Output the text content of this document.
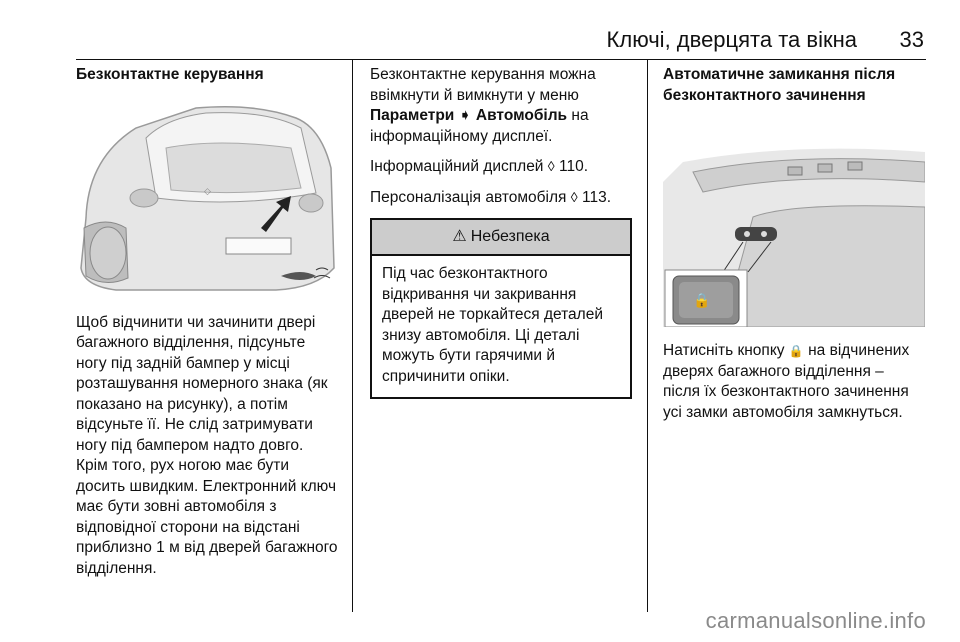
Ключі, дверцята та вікна 33
Безконтактне керування
◇

Щоб відчинити чи зачинити двері багажного відділення, підсуньте ногу під задній бампер у місці розташування номерного знака (як показано на рисунку), а потім відсуньте її. Не слід затримувати ногу під бампером надто довго. Крім того, рух ногою має бути досить швидким. Електронний ключ має бути зовні автомобіля з відповідної сторони на відстані приблизно 1 м від дверей багажного відділення.

Безконтактне керування можна ввімкнути й вимкнути у меню Параметри ➧ Автомобіль на інформаційному дисплеї.

Інформаційний дисплей ◊ 110.

Персоналізація автомобіля ◊ 113.

⚠ Небезпека
Під час безконтактного відкривання чи закривання дверей не торкайтеся деталей знизу автомобіля. Ці деталі можуть бути гарячими й спричинити опіки.
Автоматичне замикання після безконтактного зачинення
🔒

Натисніть кнопку 🔒 на відчинених дверях багажного відділення – після їх безконтактного зачинення усі замки автомобіля замкнуться.

carmanualsonline.info
